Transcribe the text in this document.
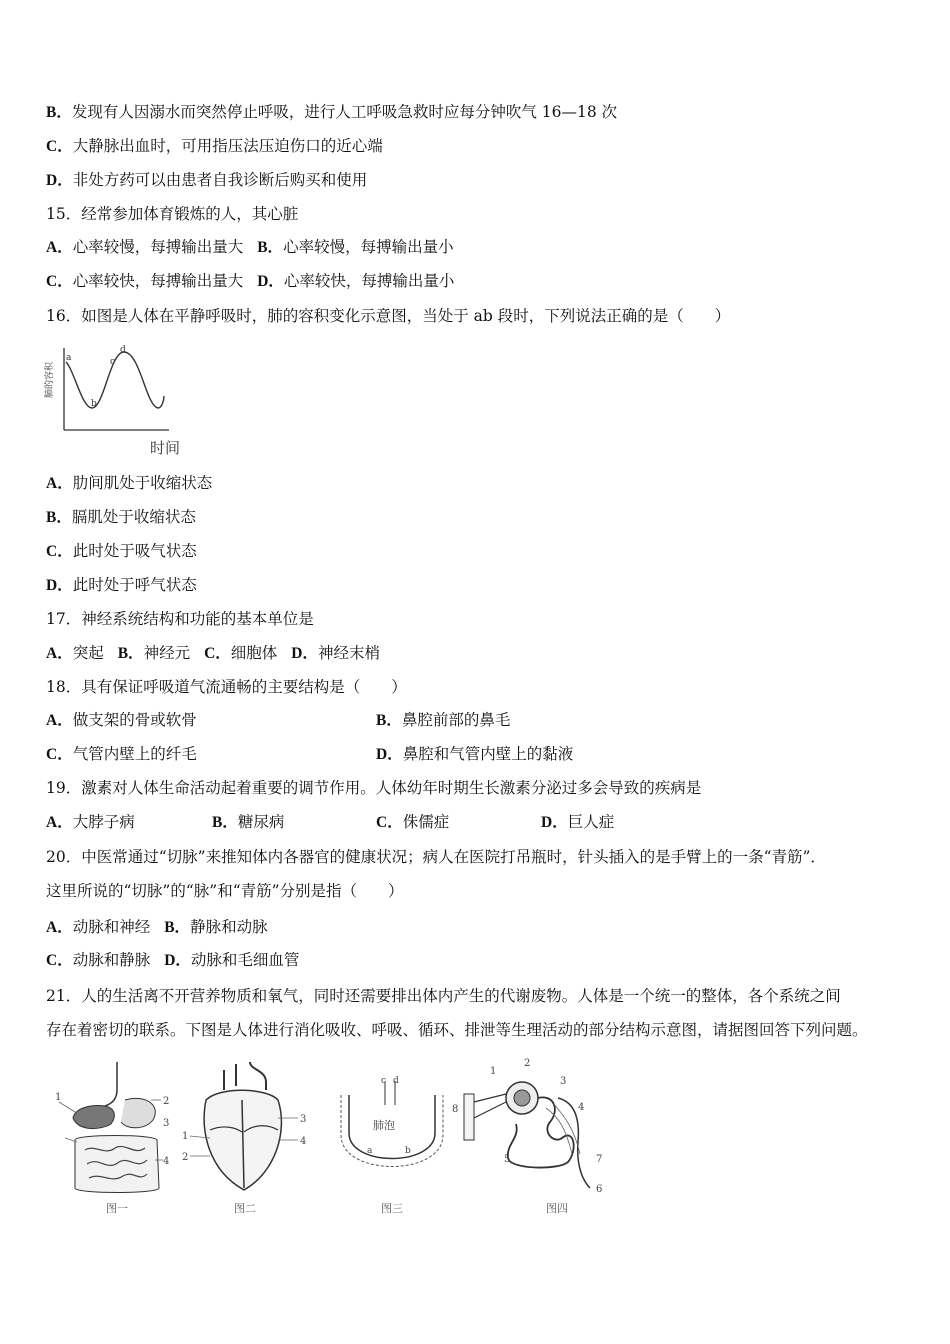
B．发现有人因溺水而突然停止呼吸，进行人工呼吸急救时应每分钟吹气 16—18 次
C．大静脉出血时，可用指压法压迫伤口的近心端
D．非处方药可以由患者自我诊断后购买和使用
15．经常参加体育锻炼的人，其心脏
A．心率较慢，每搏输出量大 B．心率较慢，每搏输出量小
C．心率较快，每搏输出量大 D．心率较快，每搏输出量小
16．如图是人体在平静呼吸时，肺的容积变化示意图，当处于 ab 段时，下列说法正确的是（　　）
肺的容积
a
b
c
d
时间
A．肋间肌处于收缩状态
B．膈肌处于收缩状态
C．此时处于吸气状态
D．此时处于呼气状态
17．神经系统结构和功能的基本单位是
A．突起 B．神经元 C．细胞体 D．神经末梢
18．具有保证呼吸道气流通畅的主要结构是（　　）
A．做支架的骨或软骨	B．鼻腔前部的鼻毛
C．气管内壁上的纤毛	D．鼻腔和气管内壁上的黏液
19．激素对人体生命活动起着重要的调节作用。人体幼年时期生长激素分泌过多会导致的疾病是
A．大脖子病	B．糖尿病	C．侏儒症	D．巨人症
20．中医常通过“切脉”来推知体内各器官的健康状况；病人在医院打吊瓶时，针头插入的是手臂上的一条“青筋”．
这里所说的“切脉”的“脉”和“青筋”分别是指（　　）
A．动脉和神经 B．静脉和动脉
C．动脉和静脉 D．动脉和毛细血管
21．人的生活离不开营养物质和氧气，同时还需要排出体内产生的代谢废物。人体是一个统一的整体，各个系统之间
存在着密切的联系。下图是人体进行消化吸收、呼吸、循环、排泄等生理活动的部分结构示意图，请据图回答下列问题。
1	2
3
4
图一
1
2
3
4
图二
c d
肺泡
a	b
图三
1
2
3
4
5
6
7
8
图四
